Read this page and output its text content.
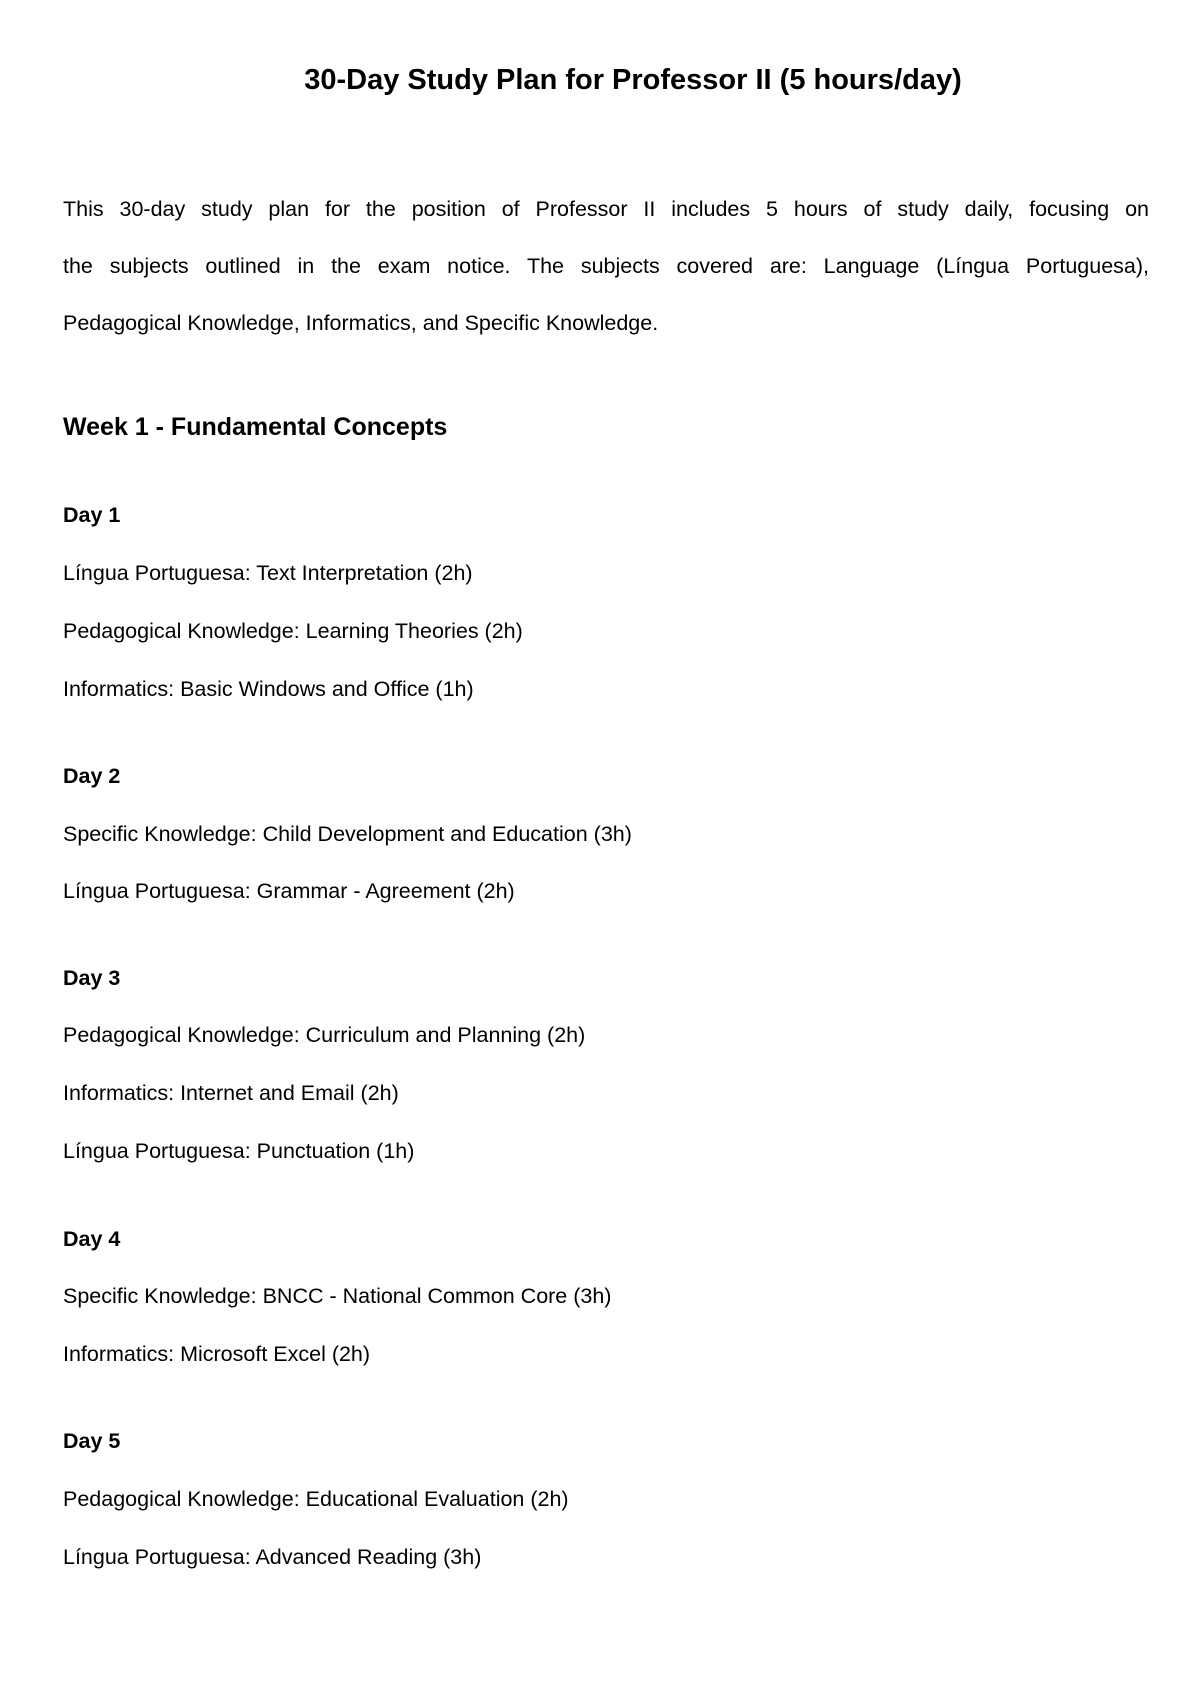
30-Day Study Plan for Professor II (5 hours/day)
This 30-day study plan for the position of Professor II includes 5 hours of study daily, focusing on
the subjects outlined in the exam notice. The subjects covered are: Language (Língua Portuguesa),
Pedagogical Knowledge, Informatics, and Specific Knowledge.
Week 1 - Fundamental Concepts
Day 1
Língua Portuguesa: Text Interpretation (2h)
Pedagogical Knowledge: Learning Theories (2h)
Informatics: Basic Windows and Office (1h)
Day 2
Specific Knowledge: Child Development and Education (3h)
Língua Portuguesa: Grammar - Agreement (2h)
Day 3
Pedagogical Knowledge: Curriculum and Planning (2h)
Informatics: Internet and Email (2h)
Língua Portuguesa: Punctuation (1h)
Day 4
Specific Knowledge: BNCC - National Common Core (3h)
Informatics: Microsoft Excel (2h)
Day 5
Pedagogical Knowledge: Educational Evaluation (2h)
Língua Portuguesa: Advanced Reading (3h)
